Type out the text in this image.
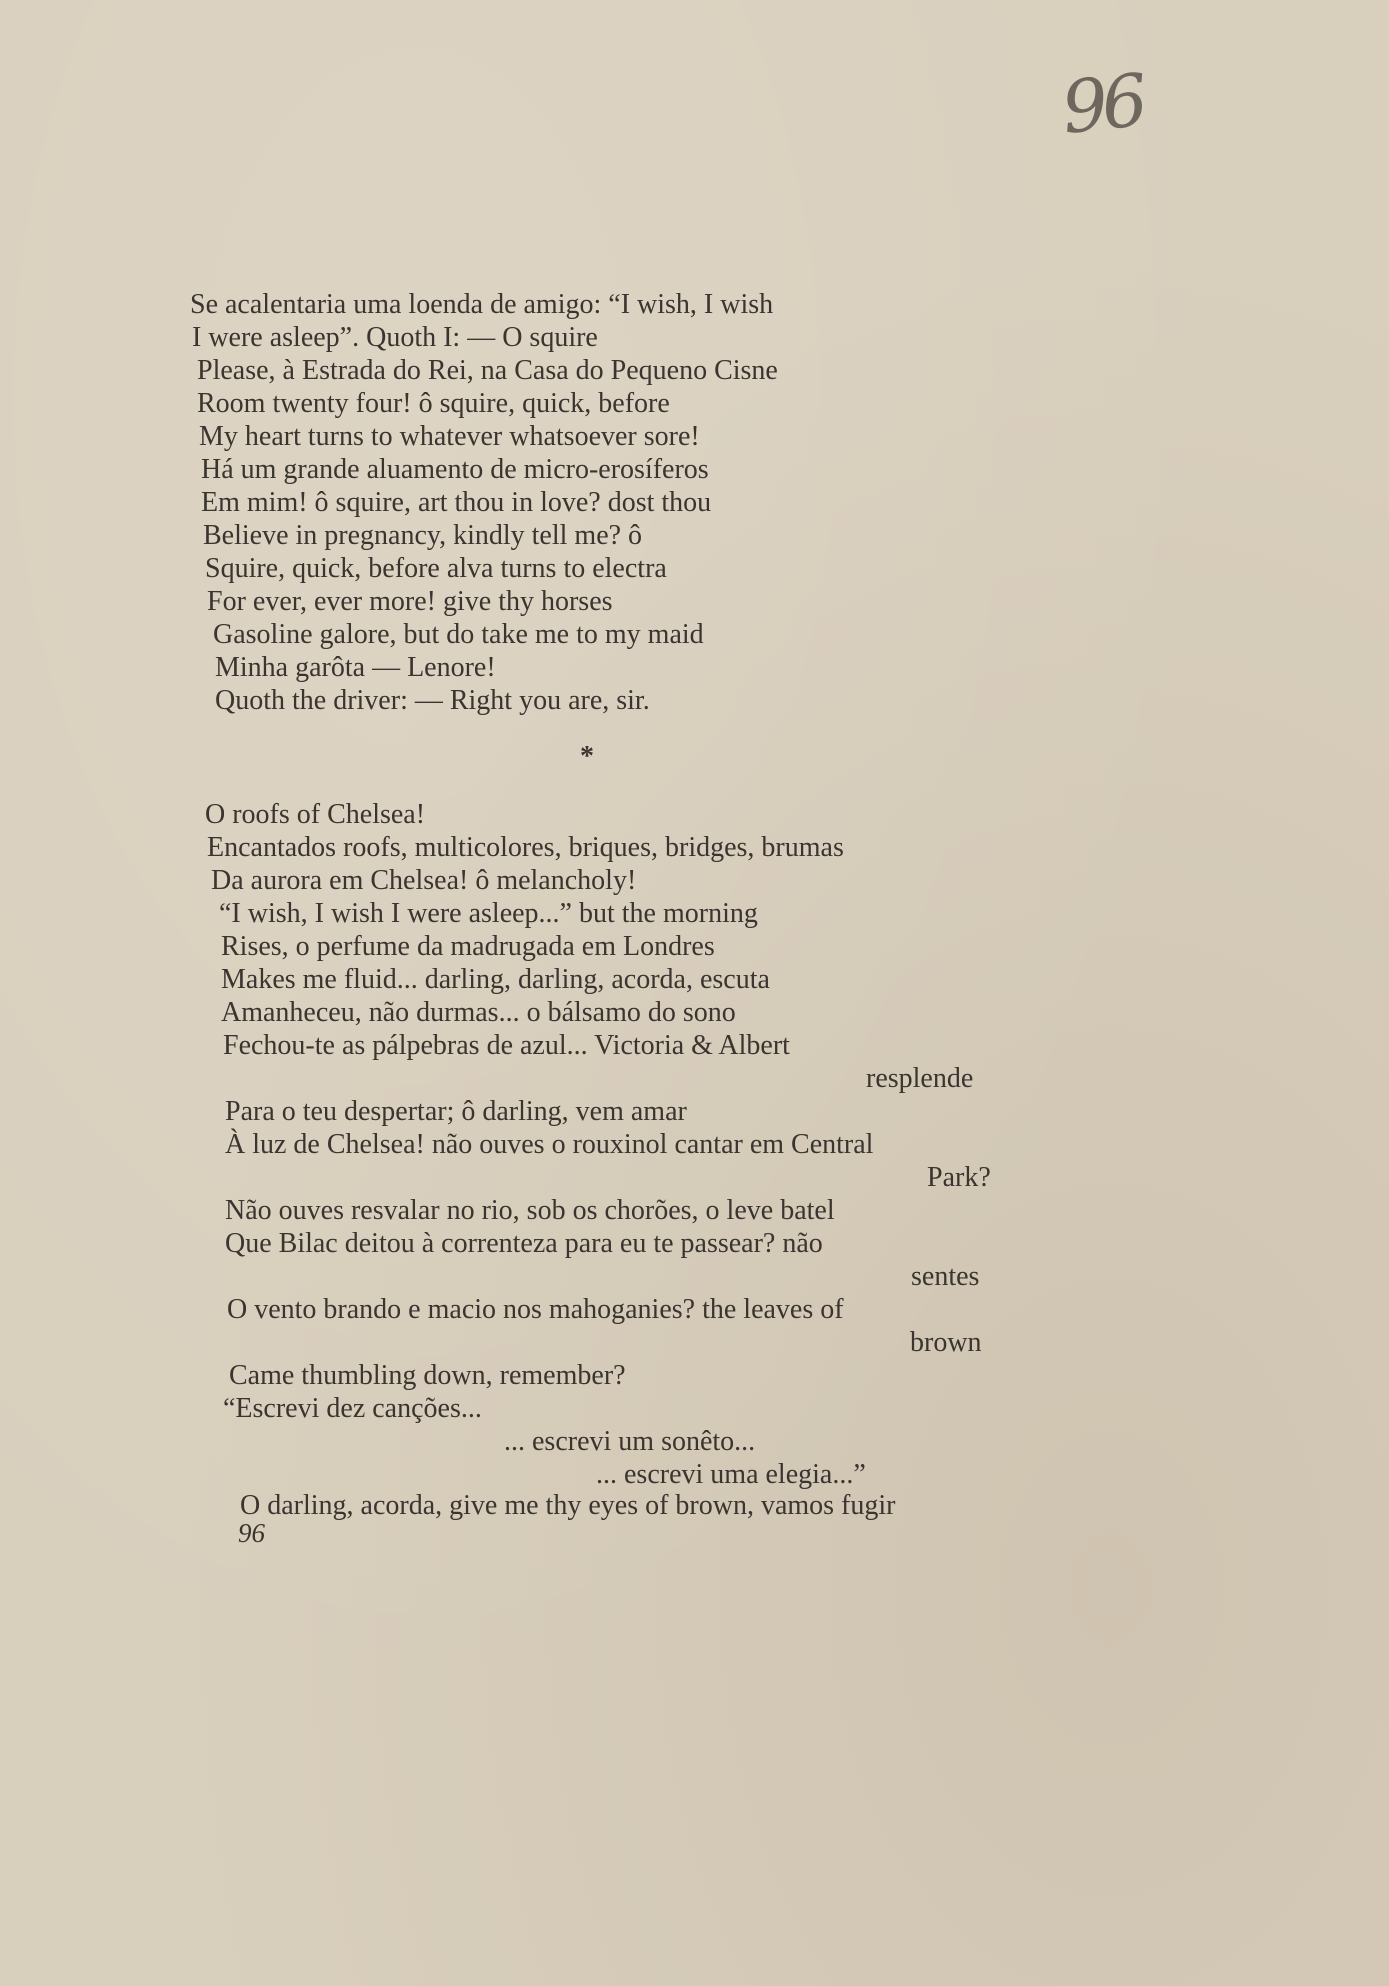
96
Se acalentaria uma loenda de amigo: “I wish, I wish
I were asleep”. Quoth I: — O squire
Please, à Estrada do Rei, na Casa do Pequeno Cisne
Room twenty four! ô squire, quick, before
My heart turns to whatever whatsoever sore!
Há um grande aluamento de micro-erosíferos
Em mim! ô squire, art thou in love? dost thou
Believe in pregnancy, kindly tell me? ô
Squire, quick, before alva turns to electra
For ever, ever more! give thy horses
Gasoline galore, but do take me to my maid
Minha garôta — Lenore!
Quoth the driver: — Right you are, sir.
*
O roofs of Chelsea!
Encantados roofs, multicolores, briques, bridges, brumas
Da aurora em Chelsea! ô melancholy!
“I wish, I wish I were asleep...” but the morning
Rises, o perfume da madrugada em Londres
Makes me fluid... darling, darling, acorda, escuta
Amanheceu, não durmas... o bálsamo do sono
Fechou-te as pálpebras de azul... Victoria & Albert
resplende
Para o teu despertar; ô darling, vem amar
À luz de Chelsea! não ouves o rouxinol cantar em Central
Park?
Não ouves resvalar no rio, sob os chorões, o leve batel
Que Bilac deitou à correnteza para eu te passear? não
sentes
O vento brando e macio nos mahoganies? the leaves of
brown
Came thumbling down, remember?
“Escrevi dez canções...
... escrevi um sonêto...
... escrevi uma elegia...”
O darling, acorda, give me thy eyes of brown, vamos fugir
96
